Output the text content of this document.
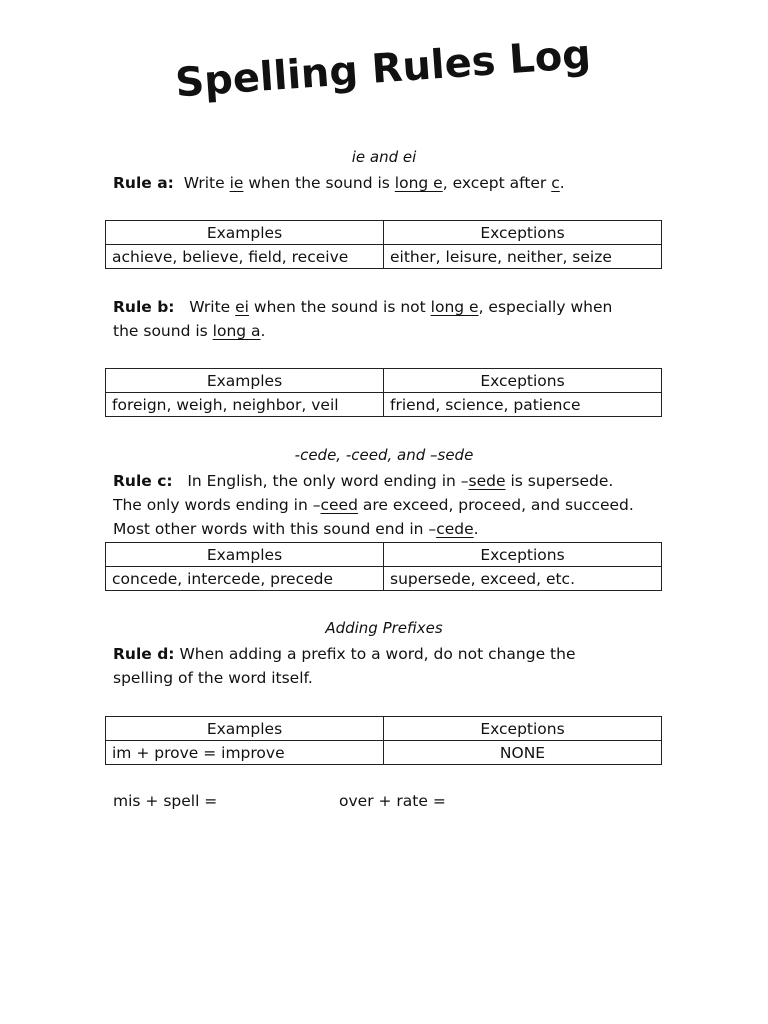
Spelling Rules Log
ie and ei
Rule a: Write ie when the sound is long e, except after c.
Examples	Exceptions
achieve, believe, field, receive	either, leisure, neither, seize
Rule b: Write ei when the sound is not long e, especially when
the sound is long a.
Examples	Exceptions
foreign, weigh, neighbor, veil	friend, science, patience
-cede, -ceed, and –sede
Rule c: In English, the only word ending in –sede is supersede.
The only words ending in –ceed are exceed, proceed, and succeed.
Most other words with this sound end in –cede.
Examples	Exceptions
concede, intercede, precede	supersede, exceed, etc.
Adding Prefixes
Rule d: When adding a prefix to a word, do not change the
spelling of the word itself.
Examples	Exceptions
im + prove = improve	NONE
mis + spell =	over + rate =
